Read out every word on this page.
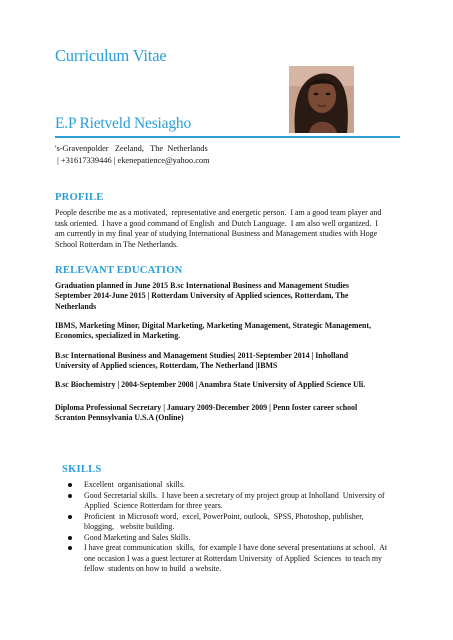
Curriculum Vitae
E.P Rietveld Nesiagho
's-Gravenpolder   Zeeland,   The  Netherlands
| +31617339446 | ekenepatience@yahoo.com
PROFILE
People describe me as a motivated,  representative and energetic person.  I am a good team player and
task oriented.  I have a good command of English  and Dutch Language.  I am also well organized.  I
am currently in my final year of studying International Business and Management studies with Hoge
School Rotterdam in The Netherlands.
RELEVANT EDUCATION
Graduation planned in June 2015 B.sc International Business and Management Studies
September 2014-June 2015 | Rotterdam University of Applied sciences, Rotterdam, The
Netherlands
IBMS, Marketing Minor, Digital Marketing, Marketing Management, Strategic Management,
Economics, specialized in Marketing.
B.sc International Business and Management Studies| 2011-September 2014 | Inholland
University of Applied sciences, Rotterdam, The Netherland |IBMS
B.sc Biochemistry | 2004-September 2008 | Anambra State University of Applied Science Uli.
Diploma Professional Secretary | January 2009-December 2009 | Penn foster career school
Scranton Pennsylvania U.S.A (Online)
SKILLS
Excellent  organisational  skills.
Good Secretarial skills.  I have been a secretary of my project group at Inholland  University of
Applied  Science Rotterdam for three years.
Proficient  in Microsoft word,  excel, PowerPoint, outlook,  SPSS, Photoshop, publisher,
blogging,   website building.
Good Marketing and Sales Skills.
I have great communication  skills,  for example I have done several presentations at school.  At
one occasion I was a guest lecturer at Rotterdam University  of Applied  Sciences  to teach my
fellow  students on how to build  a website.
